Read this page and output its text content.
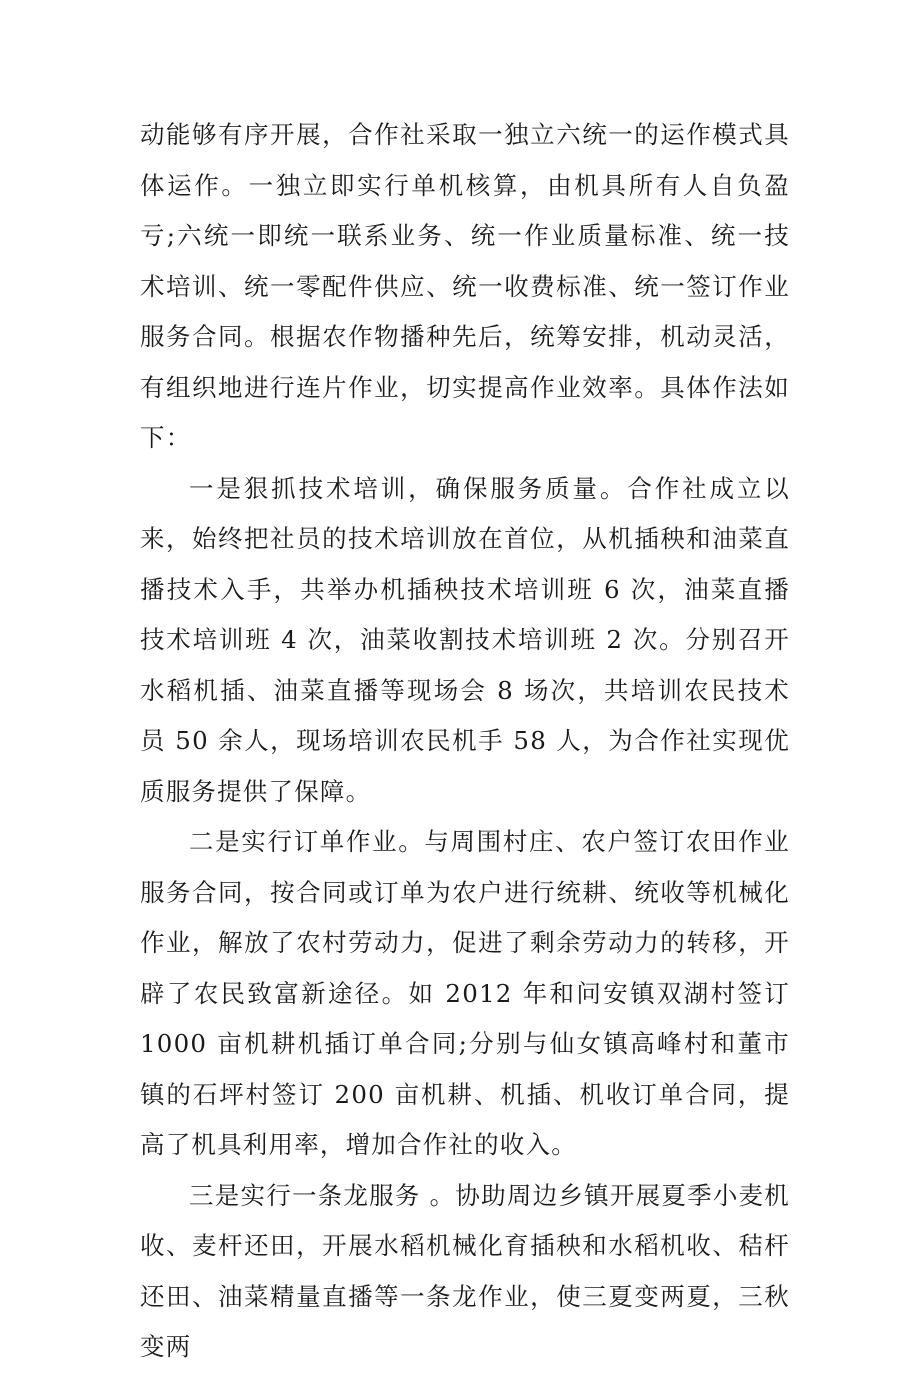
动能够有序开展，合作社采取一独立六统一的运作模式具体运作。一独立即实行单机核算，由机具所有人自负盈亏;六统一即统一联系业务、统一作业质量标准、统一技术培训、统一零配件供应、统一收费标准、统一签订作业服务合同。根据农作物播种先后，统筹安排，机动灵活，有组织地进行连片作业，切实提高作业效率。具体作法如下：

一是狠抓技术培训，确保服务质量。合作社成立以来，始终把社员的技术培训放在首位，从机插秧和油菜直播技术入手，共举办机插秧技术培训班 6 次，油菜直播技术培训班 4 次，油菜收割技术培训班 2 次。分别召开水稻机插、油菜直播等现场会 8 场次，共培训农民技术员 50 余人，现场培训农民机手 58 人，为合作社实现优质服务提供了保障。

二是实行订单作业。与周围村庄、农户签订农田作业服务合同，按合同或订单为农户进行统耕、统收等机械化作业，解放了农村劳动力，促进了剩余劳动力的转移，开辟了农民致富新途径。如 2012 年和问安镇双湖村签订 1000 亩机耕机插订单合同;分别与仙女镇高峰村和董市镇的石坪村签订 200 亩机耕、机插、机收订单合同，提高了机具利用率，增加合作社的收入。

三是实行一条龙服务 。协助周边乡镇开展夏季小麦机收、麦杆还田，开展水稻机械化育插秧和水稻机收、秸杆还田、油菜精量直播等一条龙作业，使三夏变两夏，三秋变两
